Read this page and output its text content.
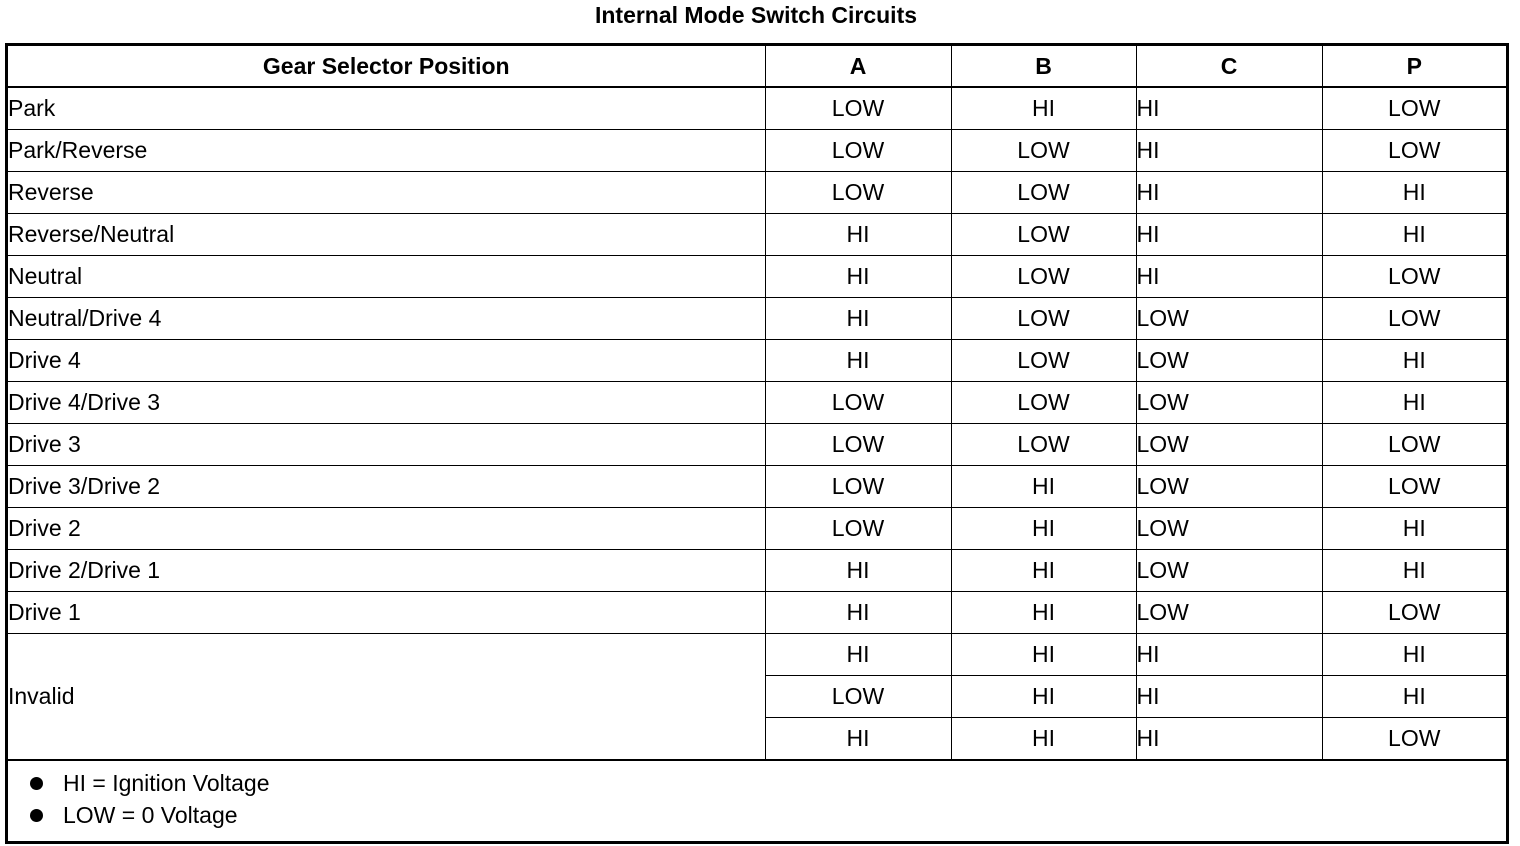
Internal Mode Switch Circuits
Gear Selector Position	A	B	C	P
Park	LOW	HI	HI	LOW
Park/Reverse	LOW	LOW	HI	LOW
Reverse	LOW	LOW	HI	HI
Reverse/Neutral	HI	LOW	HI	HI
Neutral	HI	LOW	HI	LOW
Neutral/Drive 4	HI	LOW	LOW	LOW
Drive 4	HI	LOW	LOW	HI
Drive 4/Drive 3	LOW	LOW	LOW	HI
Drive 3	LOW	LOW	LOW	LOW
Drive 3/Drive 2	LOW	HI	LOW	LOW
Drive 2	LOW	HI	LOW	HI
Drive 2/Drive 1	HI	HI	LOW	HI
Drive 1	HI	HI	LOW	LOW
Invalid	HI	HI	HI	HI
	LOW	HI	HI	HI
	HI	HI	HI	LOW
HI = Ignition Voltage
LOW = 0 Voltage
